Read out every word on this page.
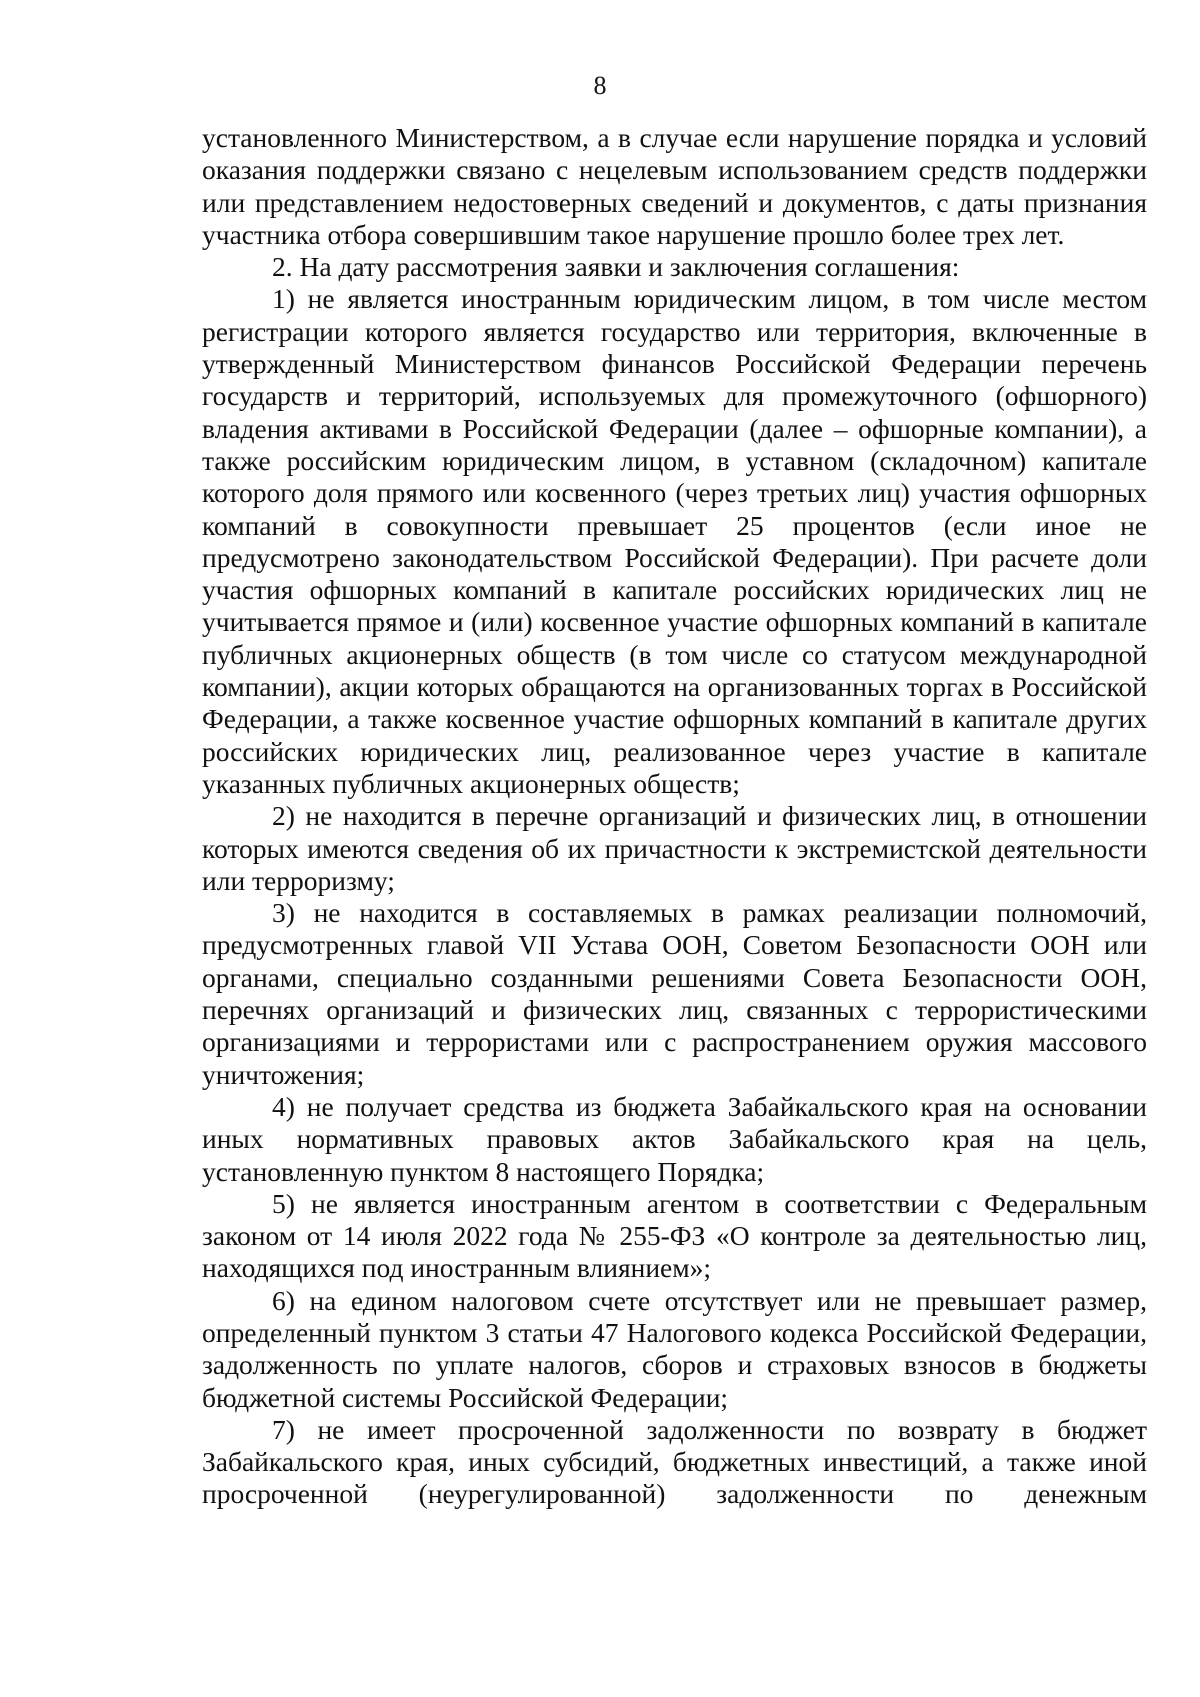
8

установленного Министерством, а в случае если нарушение порядка и условий оказания поддержки связано с нецелевым использованием средств поддержки или представлением недостоверных сведений и документов, с даты признания участника отбора совершившим такое нарушение прошло более трех лет.

2. На дату рассмотрения заявки и заключения соглашения:

1) не является иностранным юридическим лицом, в том числе местом регистрации которого является государство или территория, включенные в утвержденный Министерством финансов Российской Федерации перечень государств и территорий, используемых для промежуточного (офшорного) владения активами в Российской Федерации (далее – офшорные компании), а также российским юридическим лицом, в уставном (складочном) капитале которого доля прямого или косвенного (через третьих лиц) участия офшорных компаний в совокупности превышает 25 процентов (если иное не предусмотрено законодательством Российской Федерации). При расчете доли участия офшорных компаний в капитале российских юридических лиц не учитывается прямое и (или) косвенное участие офшорных компаний в капитале публичных акционерных обществ (в том числе со статусом международной компании), акции которых обращаются на организованных торгах в Российской Федерации, а также косвенное участие офшорных компаний в капитале других российских юридических лиц, реализованное через участие в капитале указанных публичных акционерных обществ;

2) не находится в перечне организаций и физических лиц, в отношении которых имеются сведения об их причастности к экстремистской деятельности или терроризму;

3) не находится в составляемых в рамках реализации полномочий, предусмотренных главой VII Устава ООН, Советом Безопасности ООН или органами, специально созданными решениями Совета Безопасности ООН, перечнях организаций и физических лиц, связанных с террористическими организациями и террористами или с распространением оружия массового уничтожения;

4) не получает средства из бюджета Забайкальского края на основании иных нормативных правовых актов Забайкальского края на цель, установленную пунктом 8 настоящего Порядка;

5) не является иностранным агентом в соответствии с Федеральным законом от 14 июля 2022 года № 255-ФЗ «О контроле за деятельностью лиц, находящихся под иностранным влиянием»;

6) на едином налоговом счете отсутствует или не превышает размер, определенный пунктом 3 статьи 47 Налогового кодекса Российской Федерации, задолженность по уплате налогов, сборов и страховых взносов в бюджеты бюджетной системы Российской Федерации;

7) не имеет просроченной задолженности по возврату в бюджет Забайкальского края, иных субсидий, бюджетных инвестиций, а также иной просроченной (неурегулированной) задолженности по денежным
